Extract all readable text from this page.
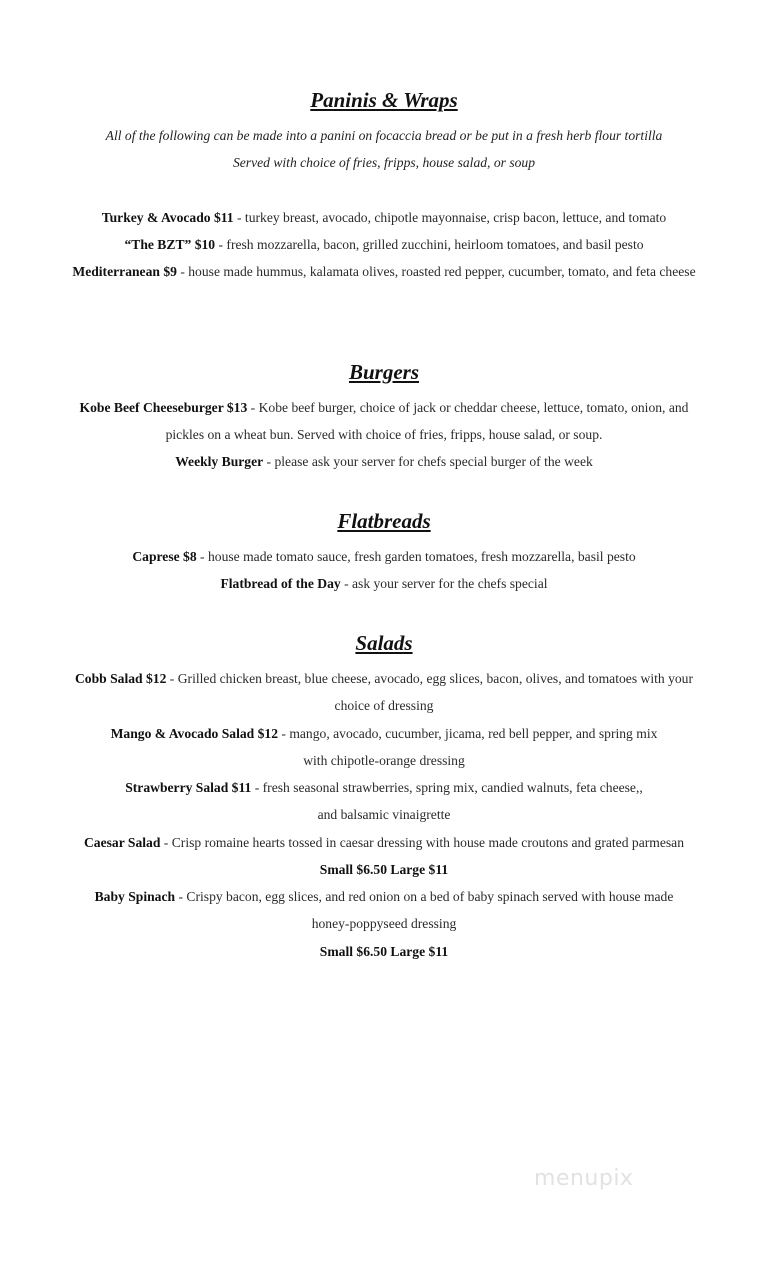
Paninis & Wraps
All of the following can be made into a panini on focaccia bread or be put in a fresh herb flour tortilla
Served with choice of fries, fripps, house salad, or soup
Turkey & Avocado $11 - turkey breast, avocado, chipotle mayonnaise, crisp bacon, lettuce, and tomato
“The BZT” $10 - fresh mozzarella, bacon, grilled zucchini, heirloom tomatoes, and basil pesto
Mediterranean $9 - house made hummus, kalamata olives, roasted red pepper, cucumber, tomato, and feta cheese
Burgers
Kobe Beef Cheeseburger $13 - Kobe beef burger, choice of jack or cheddar cheese, lettuce, tomato, onion, and
pickles on a wheat bun. Served with choice of fries, fripps, house salad, or soup.
Weekly Burger - please ask your server for chefs special burger of the week
Flatbreads
Caprese $8 - house made tomato sauce, fresh garden tomatoes, fresh mozzarella, basil pesto
Flatbread of the Day - ask your server for the chefs special
Salads
Cobb Salad $12 - Grilled chicken breast, blue cheese, avocado, egg slices, bacon, olives, and tomatoes with your
choice of dressing
Mango & Avocado Salad $12 - mango, avocado, cucumber, jicama, red bell pepper, and spring mix
with chipotle-orange dressing
Strawberry Salad $11 - fresh seasonal strawberries, spring mix, candied walnuts, feta cheese,,
and balsamic vinaigrette
Caesar Salad - Crisp romaine hearts tossed in caesar dressing with house made croutons and grated parmesan
Small $6.50 Large $11
Baby Spinach - Crispy bacon, egg slices, and red onion on a bed of baby spinach served with house made
honey-poppyseed dressing
Small $6.50 Large $11
menupix
